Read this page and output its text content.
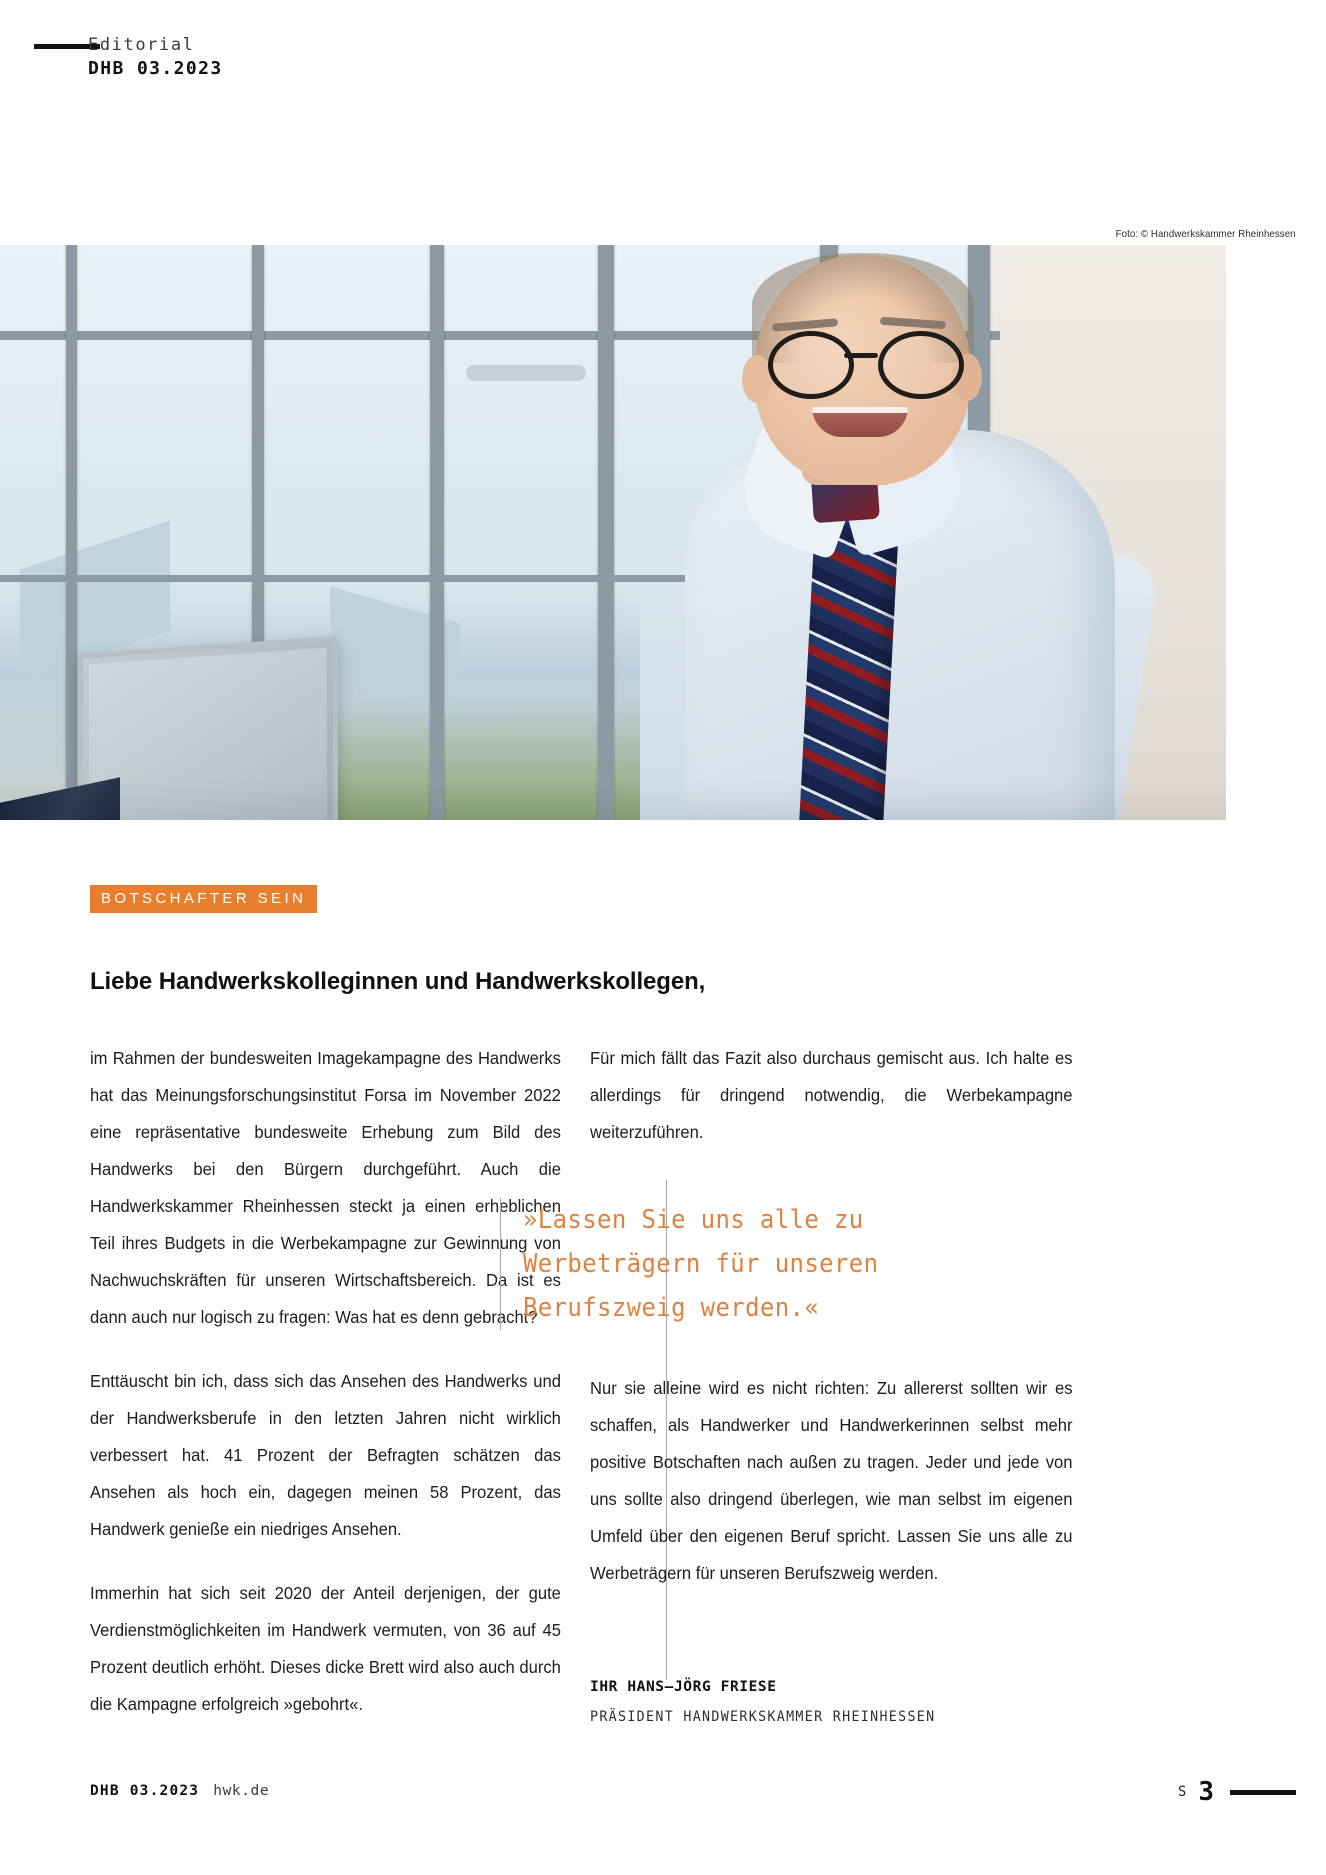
Editorial
DHB 03.2023
Foto: © Handwerkskammer Rheinhessen
BOTSCHAFTER SEIN
Liebe Handwerkskolleginnen und Handwerkskollegen,

im Rahmen der bundesweiten Imagekampagne des Handwerks hat das Meinungsforschungsinstitut Forsa im November 2022 eine repräsentative bundesweite Erhebung zum Bild des Handwerks bei den Bürgern durchgeführt. Auch die Handwerkskammer Rheinhessen steckt ja einen erheblichen Teil ihres Budgets in die Werbekampagne zur Gewinnung von Nachwuchskräften für unseren Wirtschaftsbereich. Da ist es dann auch nur logisch zu fragen: Was hat es denn gebracht?

Enttäuscht bin ich, dass sich das Ansehen des Handwerks und der Handwerksberufe in den letzten Jahren nicht wirklich verbessert hat. 41 Prozent der Befragten schätzen das Ansehen als hoch ein, dagegen meinen 58 Prozent, das Handwerk genieße ein niedriges Ansehen.

Immerhin hat sich seit 2020 der Anteil derjenigen, der gute Verdienstmöglichkeiten im Handwerk vermuten, von 36 auf 45 Prozent deutlich erhöht. Dieses dicke Brett wird also auch durch die Kampagne erfolgreich »gebohrt«.

Für mich fällt das Fazit also durchaus gemischt aus. Ich halte es allerdings für dringend notwendig, die Werbekampagne weiterzuführen.

Nur sie alleine wird es nicht richten: Zu allererst sollten wir es schaffen, als Handwerker und Handwerkerinnen selbst mehr positive Botschaften nach außen zu tragen. Jeder und jede von uns sollte also dringend überlegen, wie man selbst im eigenen Umfeld über den eigenen Beruf spricht. Lassen Sie uns alle zu Werbeträgern für unseren Berufszweig werden.

»Lassen Sie uns alle zu Werbeträgern für unseren Berufszweig werden.«
IHR HANS–JÖRG FRIESE
PRÄSIDENT HANDWERKSKAMMER RHEINHESSEN
DHB 03.2023 hwk.de	S 3
